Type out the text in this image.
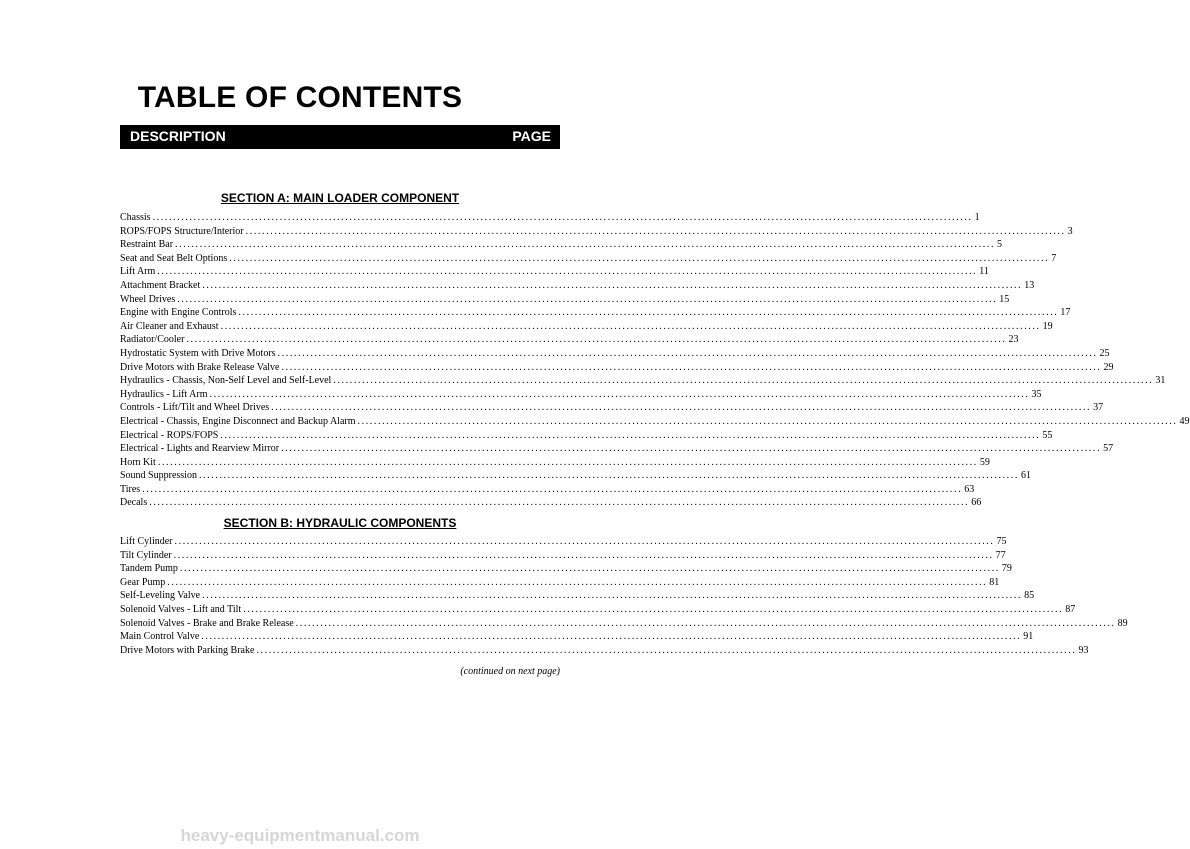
TABLE OF CONTENTS
DESCRIPTION	PAGE
SECTION A: MAIN LOADER COMPONENT
Chassis ........................................................................................................................................................................................................ 1
ROPS/FOPS Structure/Interior ........................................................................................................................................................................................................ 3
Restraint Bar ........................................................................................................................................................................................................ 5
Seat and Seat Belt Options ........................................................................................................................................................................................................ 7
Lift Arm ........................................................................................................................................................................................................ 11
Attachment Bracket ........................................................................................................................................................................................................ 13
Wheel Drives ........................................................................................................................................................................................................ 15
Engine with Engine Controls ........................................................................................................................................................................................................ 17
Air Cleaner and Exhaust ........................................................................................................................................................................................................ 19
Radiator/Cooler ........................................................................................................................................................................................................ 23
Hydrostatic System with Drive Motors ........................................................................................................................................................................................................ 25
Drive Motors with Brake Release Valve ........................................................................................................................................................................................................ 29
Hydraulics - Chassis, Non-Self Level and Self-Level ........................................................................................................................................................................................................ 31
Hydraulics - Lift Arm ........................................................................................................................................................................................................ 35
Controls - Lift/Tilt and Wheel Drives ........................................................................................................................................................................................................ 37
Electrical - Chassis, Engine Disconnect and Backup Alarm ........................................................................................................................................................................................................ 49
Electrical - ROPS/FOPS ........................................................................................................................................................................................................ 55
Electrical - Lights and Rearview Mirror ........................................................................................................................................................................................................ 57
Horn Kit ........................................................................................................................................................................................................ 59
Sound Suppression ........................................................................................................................................................................................................ 61
Tires ........................................................................................................................................................................................................ 63
Decals ........................................................................................................................................................................................................ 66
SECTION B: HYDRAULIC COMPONENTS
Lift Cylinder ........................................................................................................................................................................................................ 75
Tilt Cylinder ........................................................................................................................................................................................................ 77
Tandem Pump ........................................................................................................................................................................................................ 79
Gear Pump ........................................................................................................................................................................................................ 81
Self-Leveling Valve ........................................................................................................................................................................................................ 85
Solenoid Valves - Lift and Tilt ........................................................................................................................................................................................................ 87
Solenoid Valves - Brake and Brake Release ........................................................................................................................................................................................................ 89
Main Control Valve ........................................................................................................................................................................................................ 91
Drive Motors with Parking Brake ........................................................................................................................................................................................................ 93
(continued on next page)
heavy-equipmentmanual.com
